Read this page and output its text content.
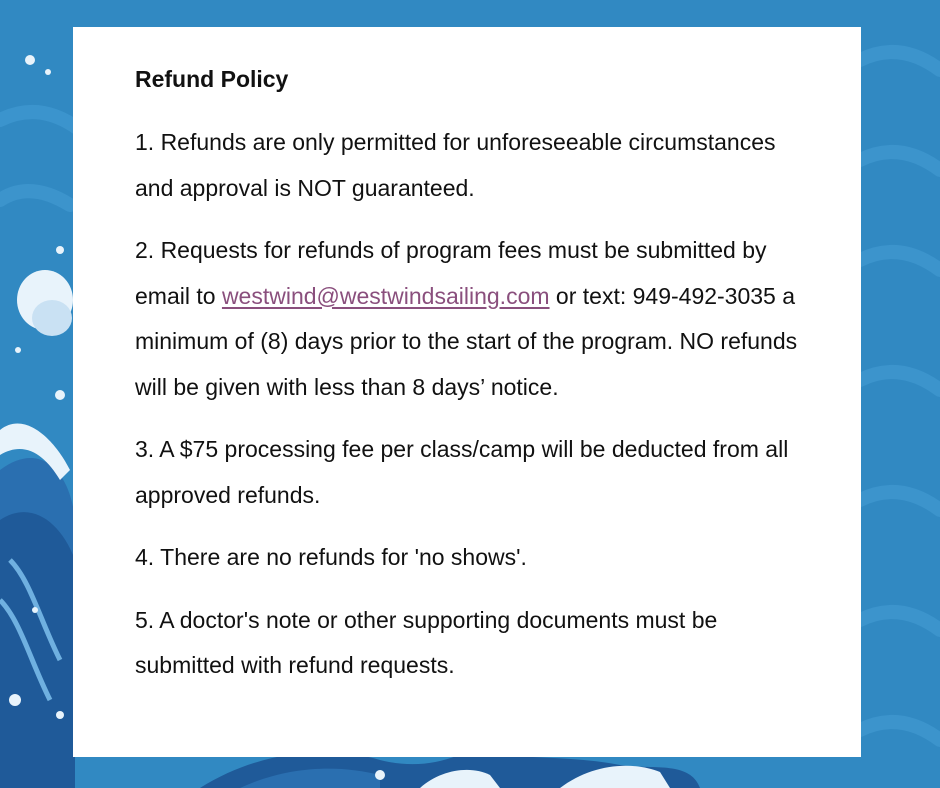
Refund Policy

1. Refunds are only permitted for unforeseeable circumstances and approval is NOT guaranteed.

2. Requests for refunds of program fees must be submitted by email to westwind@westwindsailing.com or text: 949-492-3035 a minimum of (8) days prior to the start of the program. NO refunds will be given with less than 8 days’ notice.

3. A $75 processing fee per class/camp will be deducted from all approved refunds.

4. There are no refunds for 'no shows'.

5. A doctor's note or other supporting documents must be submitted with refund requests.
